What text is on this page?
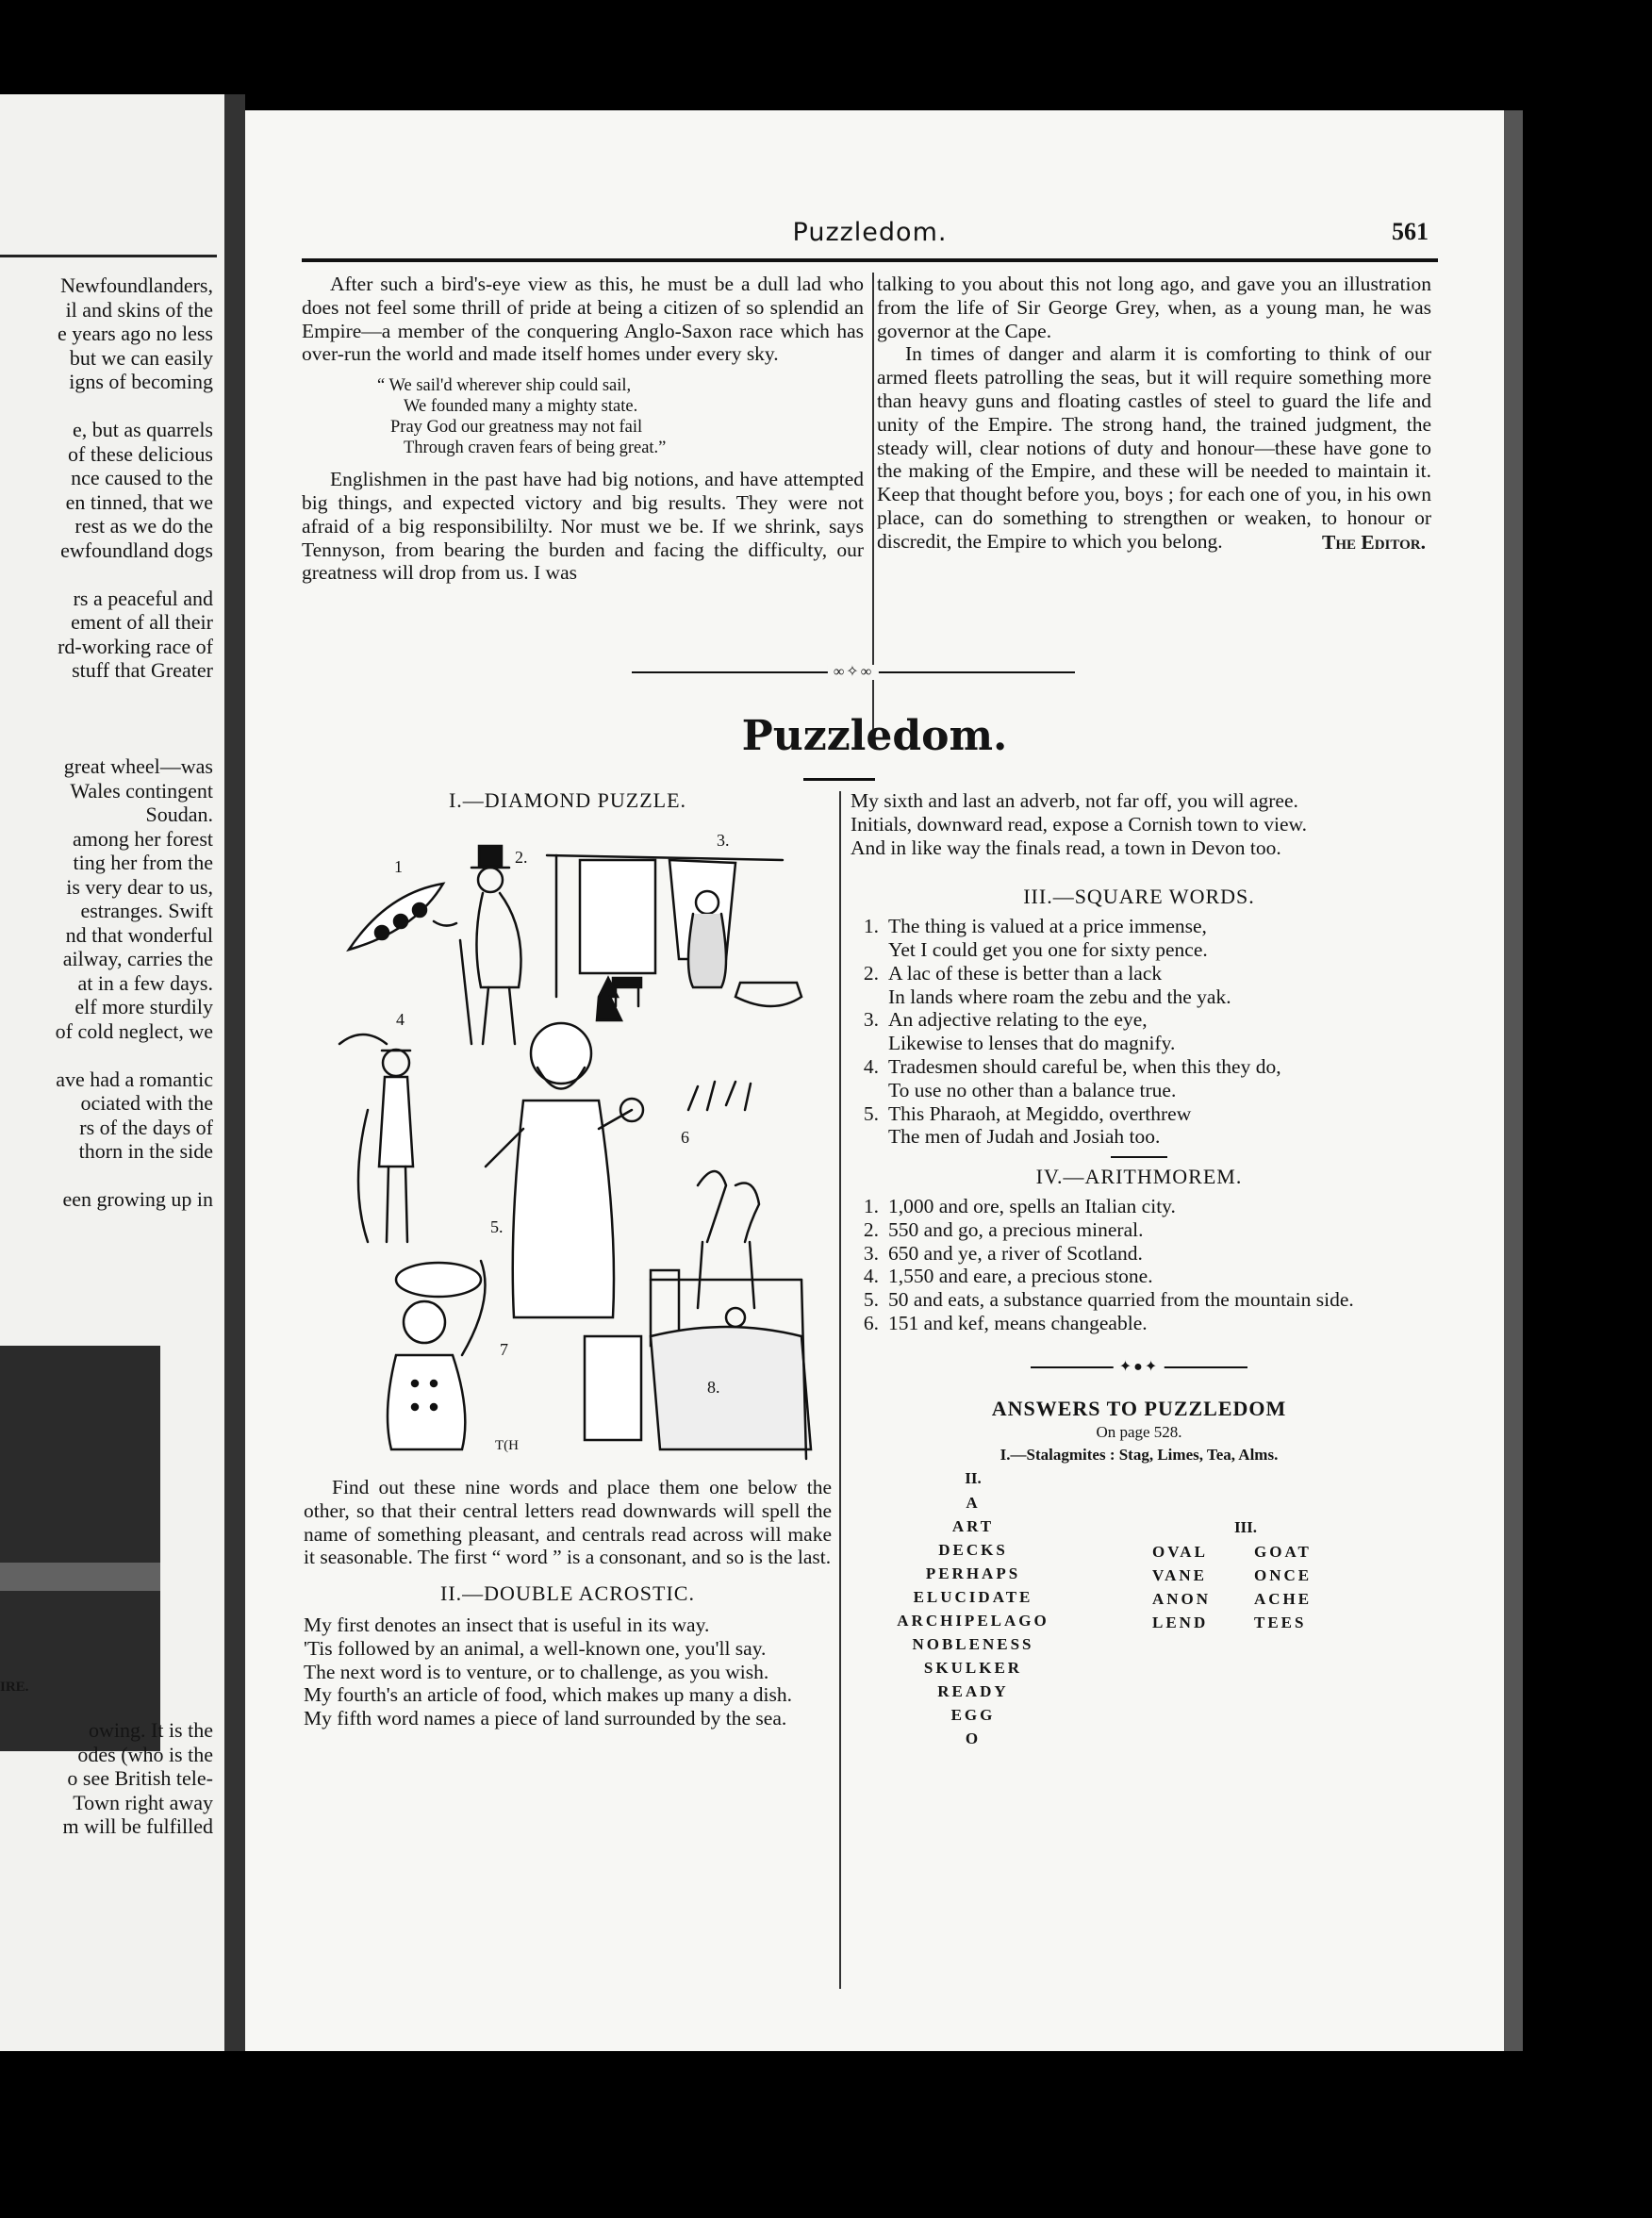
Newfoundlanders,
il and skins of the
e years ago no less
but we can easily
igns of becoming
e, but as quarrels
of these delicious
nce caused to the
en tinned, that we
rest as we do the
ewfoundland dogs
rs a peaceful and
ement of all their
rd-working race of
stuff that Greater
great wheel—was
Wales contingent
Soudan.
among her forest
ting her from the
is very dear to us,
estranges. Swift
nd that wonderful
ailway, carries the
at in a few days.
elf more sturdily
of cold neglect, we
ave had a romantic
ociated with the
rs of the days of
thorn in the side
een growing up in
IRE.
owing. It is the
odes (who is the
o see British tele-
Town right away
m will be fulfilled
Puzzledom.	561

After such a bird's-eye view as this, he must be a dull lad who does not feel some thrill of pride at being a citizen of so splendid an Empire—a member of the conquering Anglo-Saxon race which has over-run the world and made itself homes under every sky.

“ We sail'd wherever ship could sail,
We founded many a mighty state.
Pray God our greatness may not fail
Through craven fears of being great.”

Englishmen in the past have had big notions, and have attempted big things, and expected victory and big results. They were not afraid of a big responsibililty. Nor must we be. If we shrink, says Tennyson, from bearing the burden and facing the difficulty, our greatness will drop from us. I was

talking to you about this not long ago, and gave you an illustration from the life of Sir George Grey, when, as a young man, he was governor at the Cape.

In times of danger and alarm it is comforting to think of our armed fleets patrolling the seas, but it will require something more than heavy guns and floating castles of steel to guard the life and unity of the Empire. The strong hand, the trained judgment, the steady will, clear notions of duty and honour—these have gone to the making of the Empire, and these will be needed to maintain it. Keep that thought before you, boys ; for each one of you, in his own place, can do something to strengthen or weaken, to honour or discredit, the Empire to which you belong.	The Editor.
∞✧∞
Puzzledom.
I.—DIAMOND PUZZLE.
1	2.
3.
4
5.
6
7
8.
T(H

Find out these nine words and place them one below the other, so that their central letters read downwards will spell the name of something pleasant, and centrals read across will make it seasonable. The first “ word ” is a consonant, and so is the last.

II.—DOUBLE ACROSTIC.

My first denotes an insect that is useful in its way.

'Tis followed by an animal, a well-known one, you'll say.

The next word is to venture, or to challenge, as you wish.

My fourth's an article of food, which makes up many a dish.

My fifth word names a piece of land surrounded by the sea.

My sixth and last an adverb, not far off, you will agree.

Initials, downward read, expose a Cornish town to view.

And in like way the finals read, a town in Devon too.

III.—SQUARE WORDS.
1. The thing is valued at a price immense,
Yet I could get you one for sixty pence.
2. A lac of these is better than a lack
In lands where roam the zebu and the yak.
3. An adjective relating to the eye,
Likewise to lenses that do magnify.
4. Tradesmen should careful be, when this they do,
To use no other than a balance true.
5. This Pharaoh, at Megiddo, overthrew
The men of Judah and Josiah too.
IV.—ARITHMOREM.
1. 1,000 and ore, spells an Italian city.
2. 550 and go, a precious mineral.
3. 650 and ye, a river of Scotland.
4. 1,550 and eare, a precious stone.
5. 50 and eats, a substance quarried from the mountain side.
6. 151 and kef, means changeable.
✦●✦
ANSWERS TO PUZZLEDOM
On page 528.
I.—Stalagmites : Stag, Limes, Tea, Alms.
II.
A
ART
DECKS
PERHAPS
ELUCIDATE
ARCHIPELAGO
NOBLENESS
SKULKER
READY
EGG
O
III.
OVAL	GOAT
VANE	ONCE
ANON	ACHE
LEND	TEES
